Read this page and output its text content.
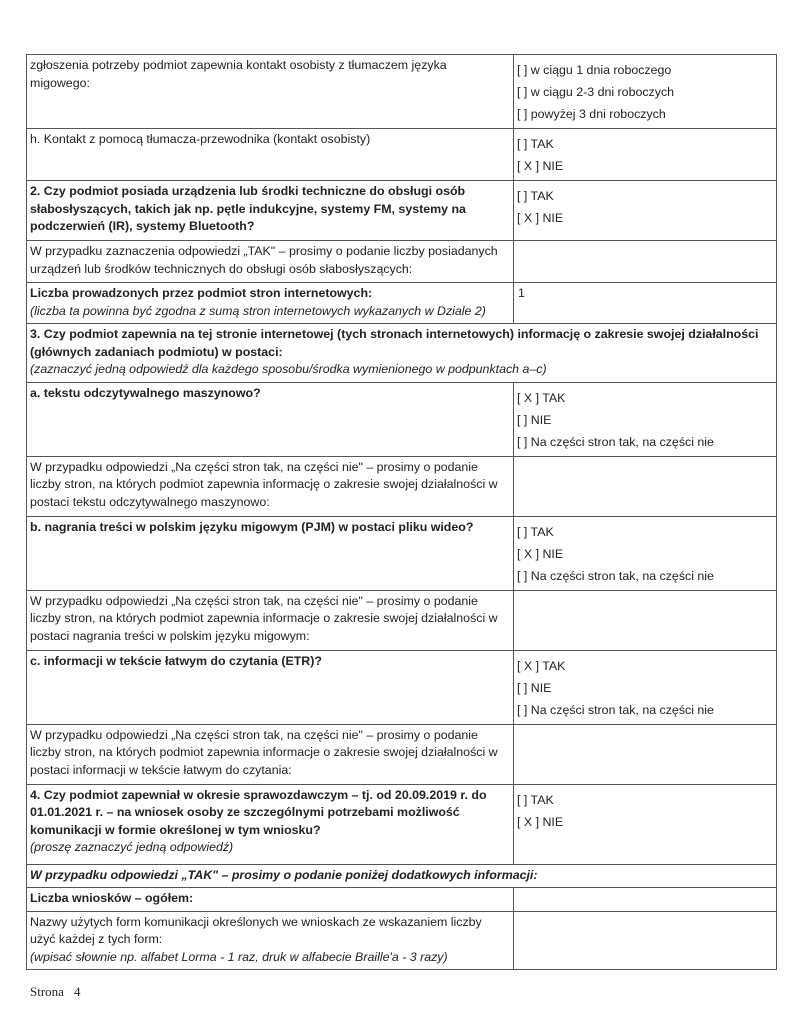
zgłoszenia potrzeby podmiot zapewnia kontakt osobisty z tłumaczem języka migowego:	[ ] w ciągu 1 dnia roboczego
[ ] w ciągu 2-3 dni roboczych
[ ] powyżej 3 dni roboczych

h. Kontakt z pomocą tłumacza-przewodnika (kontakt osobisty)	[ ] TAK
[ X ] NIE

2. Czy podmiot posiada urządzenia lub środki techniczne do obsługi osób słabosłyszących, takich jak np. pętle indukcyjne, systemy FM, systemy na podczerwień (IR), systemy Bluetooth?	[ ] TAK
[ X ] NIE

W przypadku zaznaczenia odpowiedzi „TAK" – prosimy o podanie liczby posiadanych urządzeń lub środków technicznych do obsługi osób słabosłyszących:	
Liczba prowadzonych przez podmiot stron internetowych:
(liczba ta powinna być zgodna z sumą stron internetowych wykazanych w Dziale 2)	1
3. Czy podmiot zapewnia na tej stronie internetowej (tych stronach internetowych) informację o zakresie swojej działalności (głównych zadaniach podmiotu) w postaci:
(zaznaczyć jedną odpowiedź dla każdego sposobu/środka wymienionego w podpunktach a–c)	
a. tekstu odczytywalnego maszynowo?	[ X ] TAK
[ ] NIE
[ ] Na części stron tak, na części nie

W przypadku odpowiedzi „Na części stron tak, na części nie" – prosimy o podanie liczby stron, na których podmiot zapewnia informację o zakresie swojej działalności w postaci tekstu odczytywalnego maszynowo:	
b. nagrania treści w polskim języku migowym (PJM) w postaci pliku wideo?	[ ] TAK
[ X ] NIE
[ ] Na części stron tak, na części nie

W przypadku odpowiedzi „Na części stron tak, na części nie" – prosimy o podanie liczby stron, na których podmiot zapewnia informacje o zakresie swojej działalności w postaci nagrania treści w polskim języku migowym:	
c. informacji w tekście łatwym do czytania (ETR)?	[ X ] TAK
[ ] NIE
[ ] Na części stron tak, na części nie

W przypadku odpowiedzi „Na części stron tak, na części nie" – prosimy o podanie liczby stron, na których podmiot zapewnia informacje o zakresie swojej działalności w postaci informacji w tekście łatwym do czytania:	
4. Czy podmiot zapewniał w okresie sprawozdawczym – tj. od 20.09.2019 r. do 01.01.2021 r. – na wniosek osoby ze szczególnymi potrzebami możliwość komunikacji w formie określonej w tym wniosku?
(proszę zaznaczyć jedną odpowiedź)	[ ] TAK
[ X ] NIE

W przypadku odpowiedzi „TAK" – prosimy o podanie poniżej dodatkowych informacji:	
Liczba wniosków – ogółem:	
Nazwy użytych form komunikacji określonych we wnioskach ze wskazaniem liczby użyć każdej z tych form:
(wpisać słownie np. alfabet Lorma - 1 raz, druk w alfabecie Braille'a - 3 razy)	
Strona 4
